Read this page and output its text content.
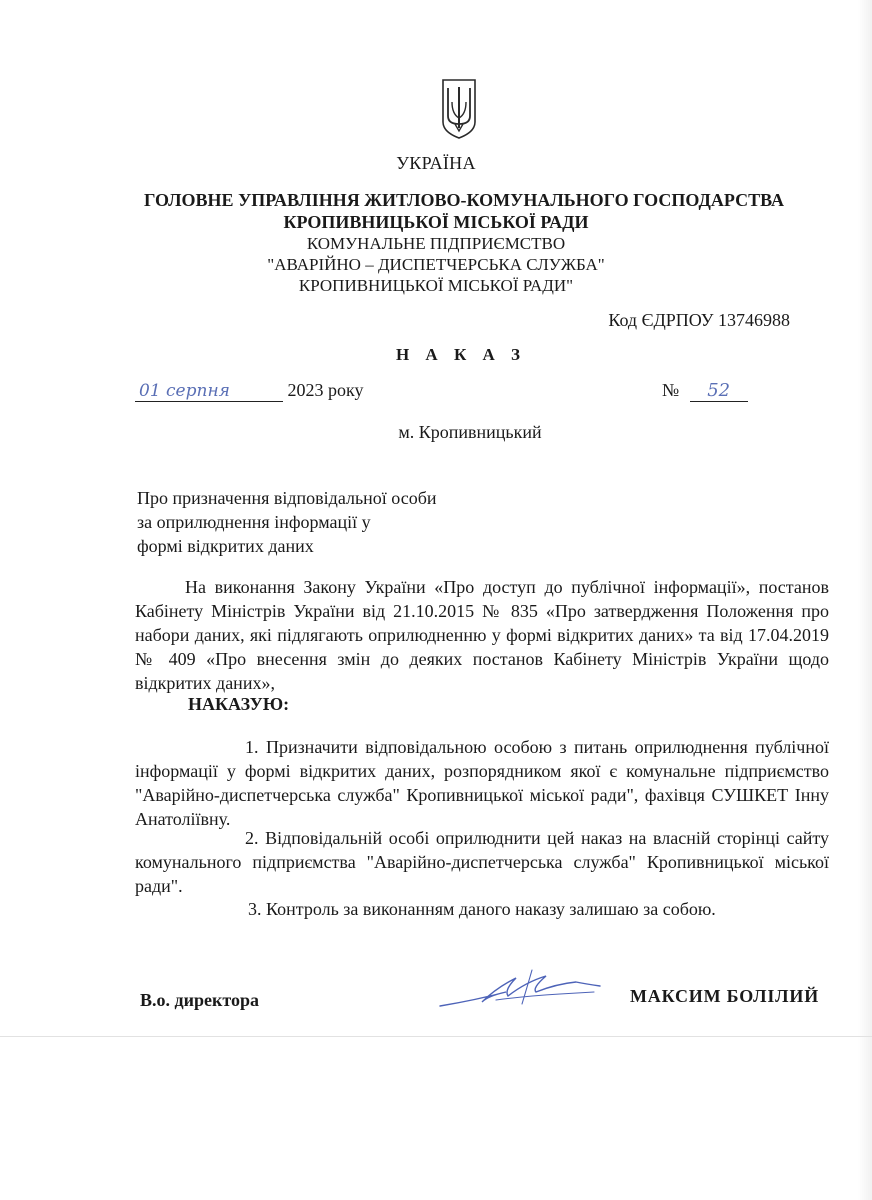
УКРАЇНА
ГОЛОВНЕ УПРАВЛІННЯ ЖИТЛОВО-КОМУНАЛЬНОГО ГОСПОДАРСТВА
КРОПИВНИЦЬКОЇ МІСЬКОЇ РАДИ
КОМУНАЛЬНЕ ПІДПРИЄМСТВО
"АВАРІЙНО – ДИСПЕТЧЕРСЬКА СЛУЖБА"
КРОПИВНИЦЬКОЇ МІСЬКОЇ РАДИ"
Код ЄДРПОУ 13746988
Н А К А З
01 серпня	2023 року	№ 52
м. Кропивницький
Про призначення відповідальної особи
за оприлюднення інформації у
формі відкритих даних
На виконання Закону України «Про доступ до публічної інформації», постанов Кабінету Міністрів України від 21.10.2015 № 835 «Про затвердження Положення про набори даних, які підлягають оприлюдненню у формі відкритих даних» та від 17.04.2019 № 409 «Про внесення змін до деяких постанов Кабінету Міністрів України щодо відкритих даних»,
НАКАЗУЮ:
1. Призначити відповідальною особою з питань оприлюднення публічної інформації у формі відкритих даних, розпорядником якої є комунальне підприємство "Аварійно-диспетчерська служба" Кропивницької міської ради", фахівця СУШКЕТ Інну Анатоліївну.
2. Відповідальній особі оприлюднити цей наказ на власній сторінці сайту комунального підприємства "Аварійно-диспетчерська служба" Кропивницької міської ради".
3. Контроль за виконанням даного наказу залишаю за собою.
В.о. директора	МАКСИМ БОЛІЛИЙ
